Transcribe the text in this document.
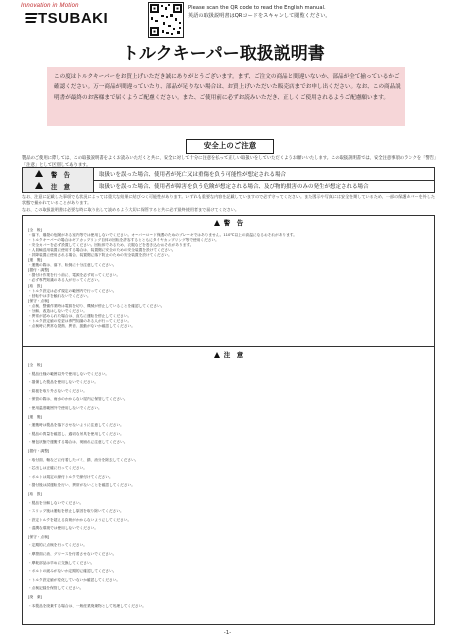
Innovation in Motion
TSUBAKI
Please scan the QR code to read the English manual.
英語の取扱説明書はQRコードをスキャンして閲覧ください。
トルクキーパー取扱説明書
この度はトルクキーパーをお買上げいただき誠にありがとうございます。まず、ご注文の商品と間違いないか、部品が全て揃っているかご確認ください。万一商品が間違っていたり、部品が足りない場合は、お買上げいただいた販売店までお申し出ください。なお、この商品説明書が最終のお客様まで届くようご配慮ください。また、ご使用前に必ずお読みいただき、正しくご使用されるようご配慮願います。
安全上のご注意
製品のご使用に際しては、この取扱説明書をよくお読みいただくと共に、安全に対して十分に注意を払って正しい取扱いをしていただくようお願いいたします。この取扱説明書では、安全注意事項のランクを「警告」「注意」として区別してあります。
警　告	取扱いを誤った場合、使用者が死亡又は重傷を負う可能性が想定される場合
注　意	取扱いを誤った場合、使用者が障害を負う危険が想定される場合、及び物的損害のみの発生が想定される場合
なお、注意に記載した事項でも状況によっては重大な結果に結びつく可能性があります。いずれも重要な内容を記載していますので必ず守ってください。また図示や写真には安全を期しているため、一部の保護カバーを外した状態で描かれていることがあります。
なお、この取扱説明書は必要な時に取り出して読めるよう大切に保管すると共に必ず最終使用者まで届けてください。
警　告
[全　般]
・落下、爆発の危険がある室内等では使用しないでください。オーバーロード保護のためのブレーキではありません。110℃以上の高温になるおそれがあります。
・トルクキーパーの場合はギアカップリング自体の回転を許容するとともにタイヤカップリング等で使用ください。
・安全カバーを必ず設置してください。回転体であるため、衣服などを巻き込むおそれがあります。
・人員輸送用装置に使用する場合は、装置側に安全のための安全装置を設けてください。
・昇降装置に使用される場合、装置側に落下防止のための安全装置を設けてください。
[運　搬]
・運搬の際は、落下、転倒に十分注意してください。
[据付・調整]
・据付け作業を行う前に、電源を必ず切ってください。
・必ず専門知識のある人が行ってください。
[取　扱]
・トルク設定は必ず規定の範囲内で行ってください。
・回転中は手を触れないでください。
[保守・点検]
・点検、整備作業時は電源を切り、機械が停止していることを確認してください。
・分解、改造はしないでください。
・異常が認められた場合は、直ちに運転を停止してください。
・トルク設定値の変更は専門知識のある人が行ってください。
・点検時に異常な発熱、異音、振動がないか確認してください。
注　意
[全　般]
・製品仕様の範囲以外で使用しないでください。
・損傷した製品を使用しないでください。
・銘板を取り外さないでください。
・保管の際は、雨水のかからない屋内に保管してください。
・使用温度範囲外で使用しないでください。
[運　搬]
・運搬時は製品を落下させないように注意してください。
・製品の質量を確認し、適切な吊具を使用してください。
・梱包状態で運搬する場合は、荷崩れに注意してください。
[据付・調整]
・取付面、軸などに付着したゴミ、錆、油分を除去してください。
・芯出しは正確に行ってください。
・ボルトは規定の締付トルクで締付けてください。
・据付後は試運転を行い、異常がないことを確認してください。
[取　扱]
・製品を分解しないでください。
・スリップ後は運転を停止し原因を取り除いてください。
・設定トルクを超える負荷がかからないようにしてください。
・湿潤な環境では使用しないでください。
[保守・点検]
・定期的に点検を行ってください。
・摩擦面に油、グリースを付着させないでください。
・摩耗部品は早めに交換してください。
・ボルトの緩みがないか定期的に確認してください。
・トルク設定値が変化していないか確認してください。
・点検記録を保管してください。
[廃　棄]
・本製品を廃棄する場合は、一般産業廃棄物として処理してください。
-1-
